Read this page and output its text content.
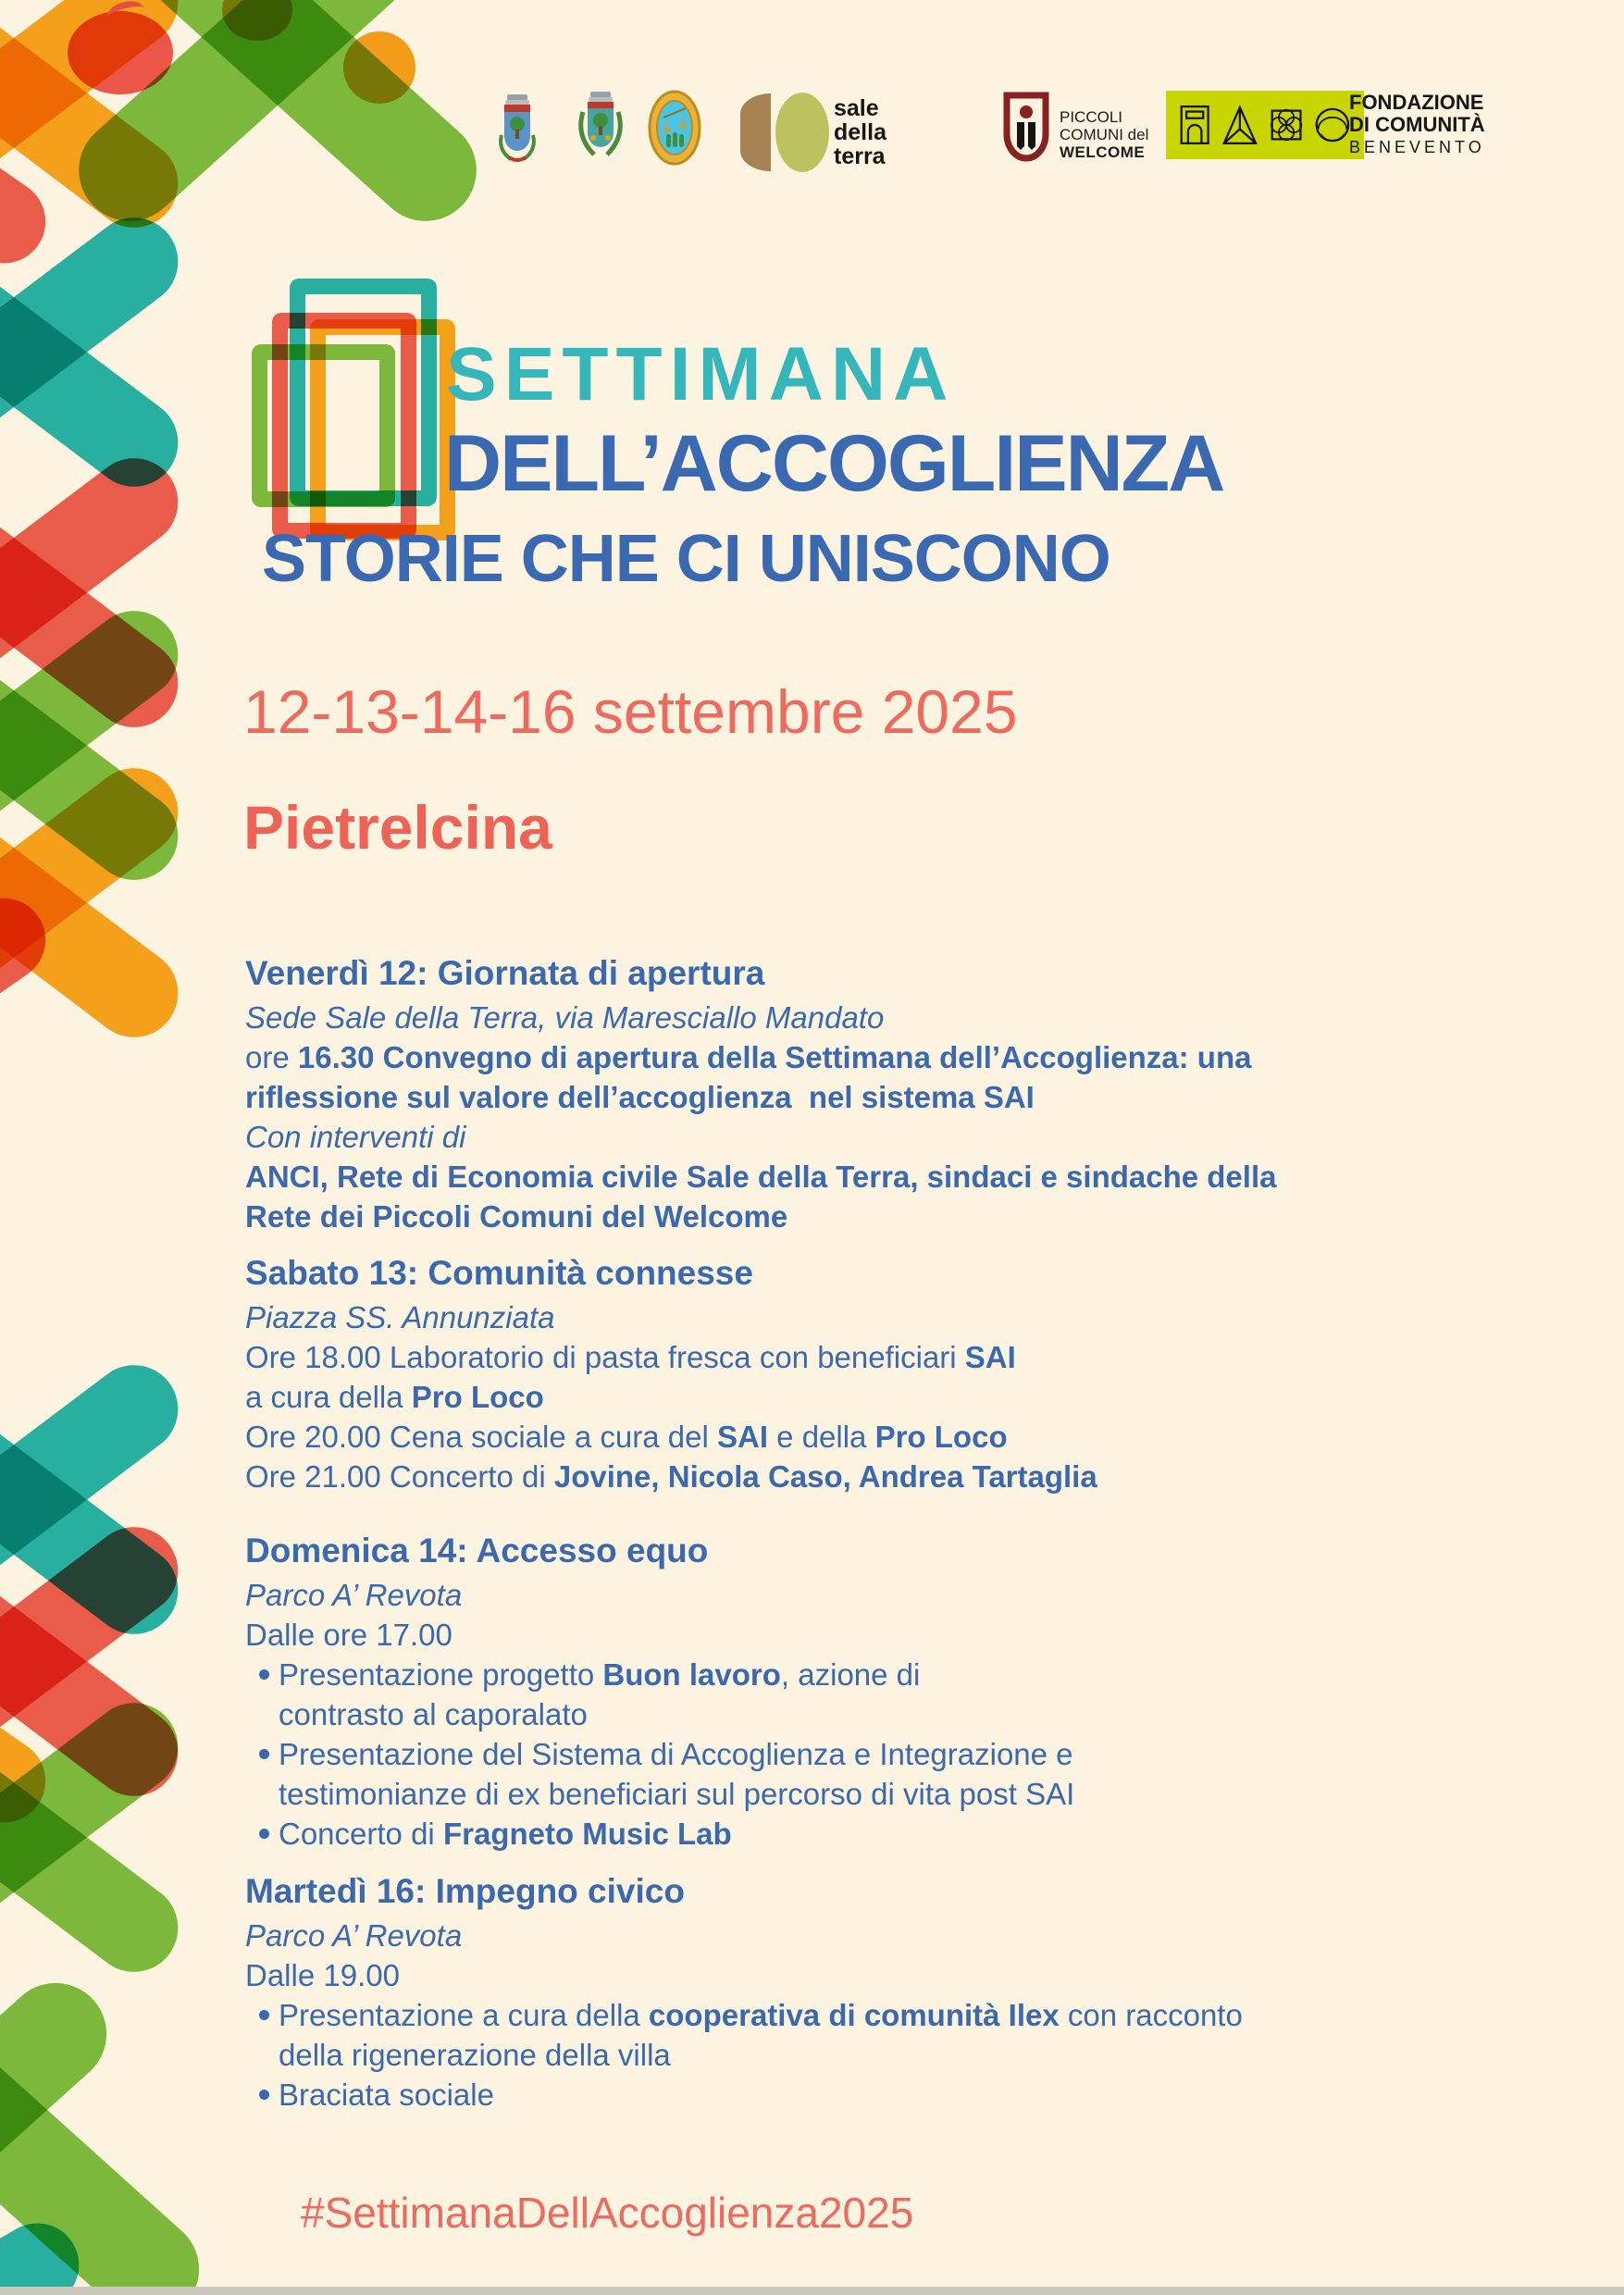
sale
della
terra
PICCOLI
COMUNI del
WELCOME
FONDAZIONE
DI COMUNITÀ
BENEVENTO
SETTIMANA
DELL’ACCOGLIENZA
STORIE CHE CI UNISCONO
12-13-14-16 settembre 2025
Pietrelcina
Venerdì 12: Giornata di apertura
Sede Sale della Terra, via Maresciallo Mandato
ore 16.30 Convegno di apertura della Settimana dell’Accoglienza: una
riflessione sul valore dell’accoglienza  nel sistema SAI
Con interventi di
ANCI, Rete di Economia civile Sale della Terra, sindaci e sindache della
Rete dei Piccoli Comuni del Welcome
Sabato 13: Comunità connesse
Piazza SS. Annunziata
Ore 18.00 Laboratorio di pasta fresca con beneficiari SAI
a cura della Pro Loco
Ore 20.00 Cena sociale a cura del SAI e della Pro Loco
Ore 21.00 Concerto di Jovine, Nicola Caso, Andrea Tartaglia
Domenica 14: Accesso equo
Parco A’ Revota
Dalle ore 17.00
Presentazione progetto Buon lavoro, azione di
contrasto al caporalato
Presentazione del Sistema di Accoglienza e Integrazione e
testimonianze di ex beneficiari sul percorso di vita post SAI
Concerto di Fragneto Music Lab
Martedì 16: Impegno civico
Parco A’ Revota
Dalle 19.00
Presentazione a cura della cooperativa di comunità Ilex con racconto
della rigenerazione della villa
Braciata sociale
#SettimanaDellAccoglienza2025
